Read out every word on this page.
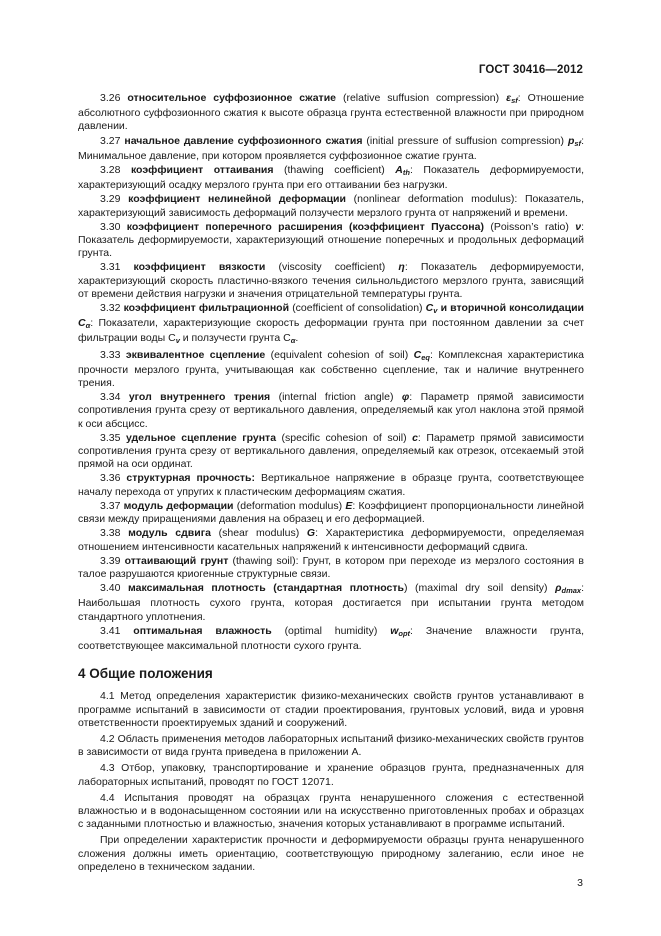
ГОСТ 30416—2012

3.26 относительное суффозионное сжатие (relative suffusion compression) $\varepsilon_{sf}$: Отношение абсолютного суффозионного сжатия к высоте образца грунта естественной влажности при природном давлении.

3.27 начальное давление суффозионного сжатия (initial pressure of suffusion compression) $p_{sf}$: Минимальное давление, при котором проявляется суффозионное сжатие грунта.

3.28 коэффициент оттаивания (thawing coefficient) $A_{th}$: Показатель деформируемости, характеризующий осадку мерзлого грунта при его оттаивании без нагрузки.

3.29 коэффициент нелинейной деформации (nonlinear deformation modulus): Показатель, характеризующий зависимость деформаций ползучести мерзлого грунта от напряжений и времени.

3.30 коэффициент поперечного расширения (коэффициент Пуассона) (Poisson’s ratio) ν: Показатель деформируемости, характеризующий отношение поперечных и продольных деформаций грунта.

3.31 коэффициент вязкости (viscosity coefficient) η: Показатель деформируемости, характеризующий скорость пластично-вязкого течения сильнольдистого мерзлого грунта, зависящий от времени действия нагрузки и значения отрицательной температуры грунта.

3.32 коэффициент фильтрационной (coefficient of consolidation) $C_v$ и вторичной консолидации $C_\alpha$: Показатели, характеризующие скорость деформации грунта при постоянном давлении за счет фильтрации воды $C_v$ и ползучести грунта $C_\alpha$.

3.33 эквивалентное сцепление (equivalent cohesion of soil) $C_{eq}$: Комплексная характеристика прочности мерзлого грунта, учитывающая как собственно сцепление, так и наличие внутреннего трения.

3.34 угол внутреннего трения (internal friction angle) φ: Параметр прямой зависимости сопротивления грунта срезу от вертикального давления, определяемый как угол наклона этой прямой к оси абсцисс.

3.35 удельное сцепление грунта (specific cohesion of soil) c: Параметр прямой зависимости сопротивления грунта срезу от вертикального давления, определяемый как отрезок, отсекаемый этой прямой на оси ординат.

3.36 структурная прочность: Вертикальное напряжение в образце грунта, соответствующее началу перехода от упругих к пластическим деформациям сжатия.

3.37 модуль деформации (deformation modulus) E: Коэффициент пропорциональности линейной связи между приращениями давления на образец и его деформацией.

3.38 модуль сдвига (shear modulus) G: Характеристика деформируемости, определяемая отношением интенсивности касательных напряжений к интенсивности деформаций сдвига.

3.39 оттаивающий грунт (thawing soil): Грунт, в котором при переходе из мерзлого состояния в талое разрушаются криогенные структурные связи.

3.40 максимальная плотность (стандартная плотность) (maximal dry soil density) $\rho_{dmax}$: Наибольшая плотность сухого грунта, которая достигается при испытании грунта методом стандартного уплотнения.

3.41 оптимальная влажность (optimal humidity) $w_{opt}$: Значение влажности грунта, соответствующее максимальной плотности сухого грунта.

4 Общие положения

4.1 Метод определения характеристик физико-механических свойств грунтов устанавливают в программе испытаний в зависимости от стадии проектирования, грунтовых условий, вида и уровня ответственности проектируемых зданий и сооружений.

4.2 Область применения методов лабораторных испытаний физико-механических свойств грунтов в зависимости от вида грунта приведена в приложении А.

4.3 Отбор, упаковку, транспортирование и хранение образцов грунта, предназначенных для лабораторных испытаний, проводят по ГОСТ 12071.

4.4 Испытания проводят на образцах грунта ненарушенного сложения с естественной влажностью и в водонасыщенном состоянии или на искусственно приготовленных пробах и образцах с заданными плотностью и влажностью, значения которых устанавливают в программе испытаний.

При определении характеристик прочности и деформируемости образцы грунта ненарушенного сложения должны иметь ориентацию, соответствующую природному залеганию, если иное не определено в техническом задании.

3
